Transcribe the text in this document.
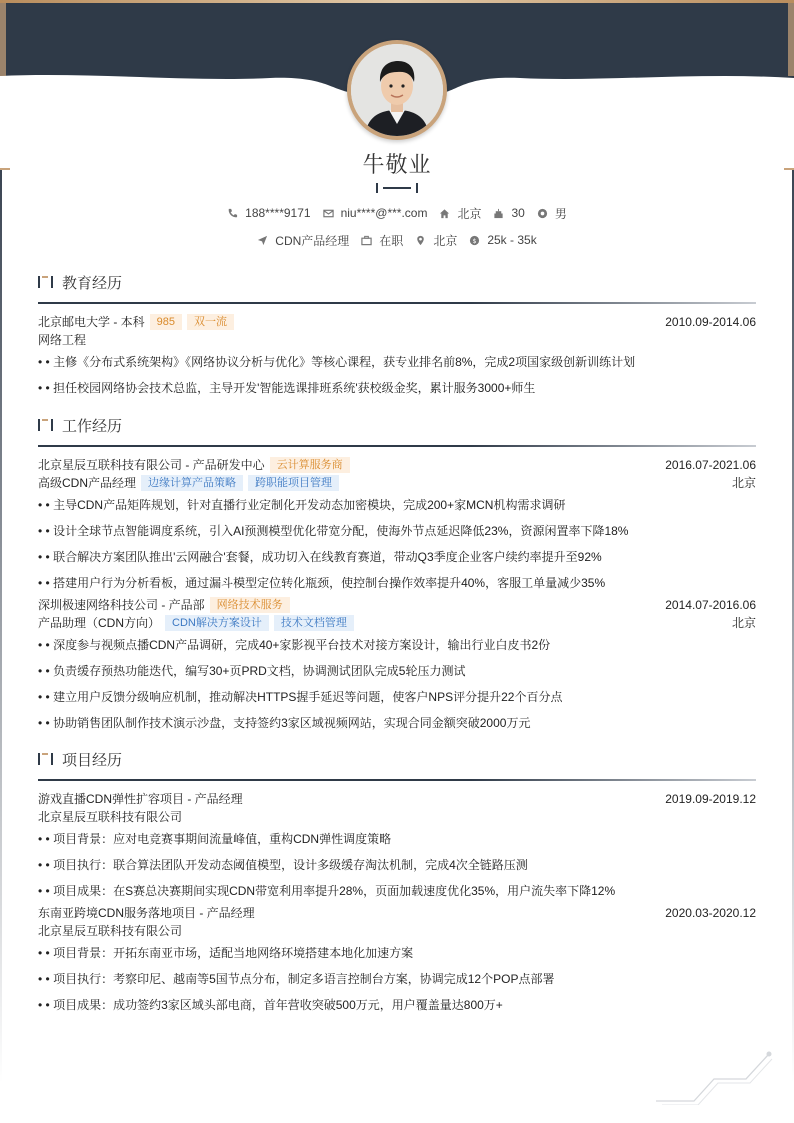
牛敬业
188****9171	niu****@***.com	北京	30	男
CDN产品经理	在职	北京 $ 25k - 35k
教育经历
北京邮电大学 - 本科	985	双一流	2010.09-2014.06
网络工程
• • 主修《分布式系统架构》《网络协议分析与优化》等核心课程，获专业排名前8%，完成2项国家级创新训练计划
• • 担任校园网络协会技术总监，主导开发'智能选课排班系统'获校级金奖，累计服务3000+师生
工作经历
北京星辰互联科技有限公司 - 产品研发中心	云计算服务商	2016.07-2021.06
高级CDN产品经理	边缘计算产品策略	跨职能项目管理	北京
• • 主导CDN产品矩阵规划，针对直播行业定制化开发动态加密模块，完成200+家MCN机构需求调研
• • 设计全球节点智能调度系统，引入AI预测模型优化带宽分配，使海外节点延迟降低23%，资源闲置率下降18%
• • 联合解决方案团队推出'云网融合'套餐，成功切入在线教育赛道，带动Q3季度企业客户续约率提升至92%
• • 搭建用户行为分析看板，通过漏斗模型定位转化瓶颈，使控制台操作效率提升40%，客服工单量减少35%
深圳极速网络科技公司 - 产品部	网络技术服务	2014.07-2016.06
产品助理（CDN方向）	CDN解决方案设计	技术文档管理	北京
• • 深度参与视频点播CDN产品调研，完成40+家影视平台技术对接方案设计，输出行业白皮书2份
• • 负责缓存预热功能迭代，编写30+页PRD文档，协调测试团队完成5轮压力测试
• • 建立用户反馈分级响应机制，推动解决HTTPS握手延迟等问题，使客户NPS评分提升22个百分点
• • 协助销售团队制作技术演示沙盘，支持签约3家区域视频网站，实现合同金额突破2000万元
项目经历
游戏直播CDN弹性扩容项目 - 产品经理	2019.09-2019.12
北京星辰互联科技有限公司
• • 项目背景：应对电竞赛事期间流量峰值，重构CDN弹性调度策略
• • 项目执行：联合算法团队开发动态阈值模型，设计多级缓存淘汰机制，完成4次全链路压测
• • 项目成果：在S赛总决赛期间实现CDN带宽利用率提升28%，页面加载速度优化35%，用户流失率下降12%
东南亚跨境CDN服务落地项目 - 产品经理	2020.03-2020.12
北京星辰互联科技有限公司
• • 项目背景：开拓东南亚市场，适配当地网络环境搭建本地化加速方案
• • 项目执行：考察印尼、越南等5国节点分布，制定多语言控制台方案，协调完成12个POP点部署
• • 项目成果：成功签约3家区域头部电商，首年营收突破500万元，用户覆盖量达800万+
